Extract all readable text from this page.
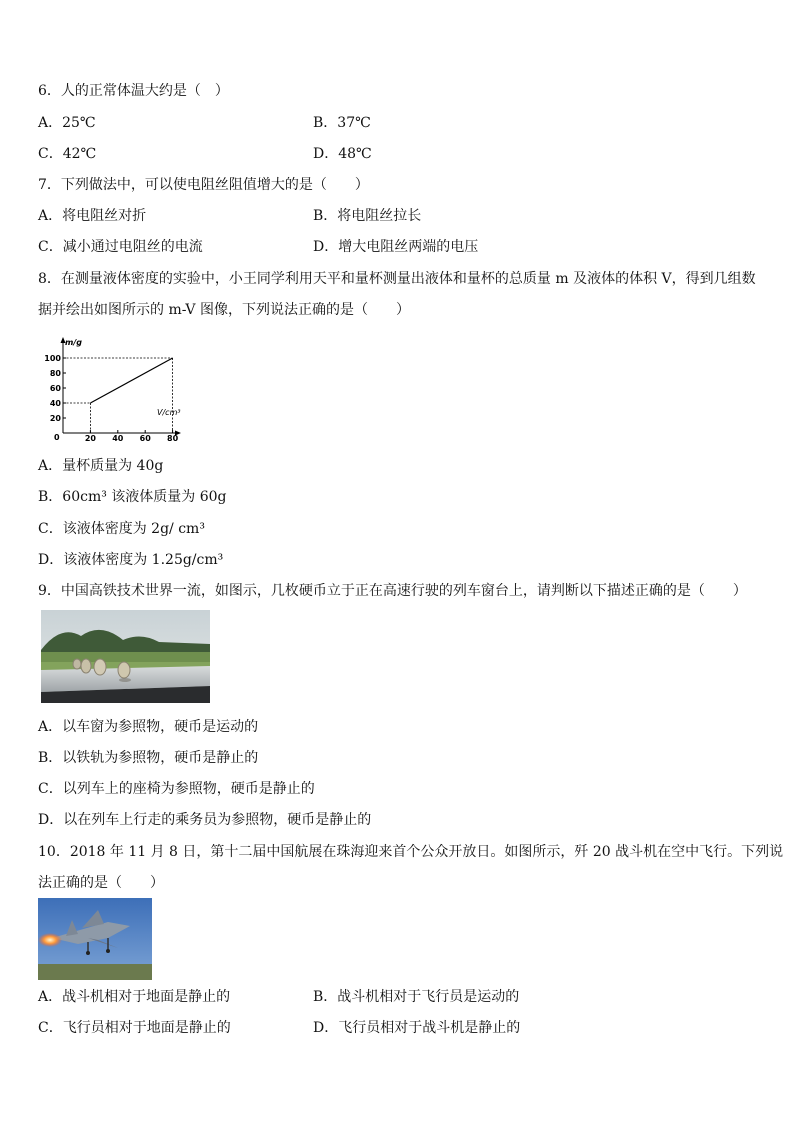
6．人的正常体温大约是（　）
A．25℃	B．37℃
C．42℃	D．48℃
7．下列做法中，可以使电阻丝阻值增大的是（　　）
A．将电阻丝对折	B．将电阻丝拉长
C．减小通过电阻丝的电流	D．增大电阻丝两端的电压
8．在测量液体密度的实验中，小王同学利用天平和量杯测量出液体和量杯的总质量 m 及液体的体积 V，得到几组数
据并绘出如图所示的 m-V 图像，下列说法正确的是（　　）
m/g
V/cm³
0
100
80
60
40
20
20 40 60 80
A．量杯质量为 40g
B．60cm³ 该液体质量为 60g
C．该液体密度为 2g/ cm³
D．该液体密度为 1.25g/cm³
9．中国高铁技术世界一流，如图示，几枚硬币立于正在高速行驶的列车窗台上，请判断以下描述正确的是（　　）
A．以车窗为参照物，硬币是运动的
B．以铁轨为参照物，硬币是静止的
C．以列车上的座椅为参照物，硬币是静止的
D．以在列车上行走的乘务员为参照物，硬币是静止的
10．2018 年 11 月 8 日，第十二届中国航展在珠海迎来首个公众开放日。如图所示，歼 20 战斗机在空中飞行。下列说
法正确的是（　　）
A．战斗机相对于地面是静止的	B．战斗机相对于飞行员是运动的
C．飞行员相对于地面是静止的	D．飞行员相对于战斗机是静止的
